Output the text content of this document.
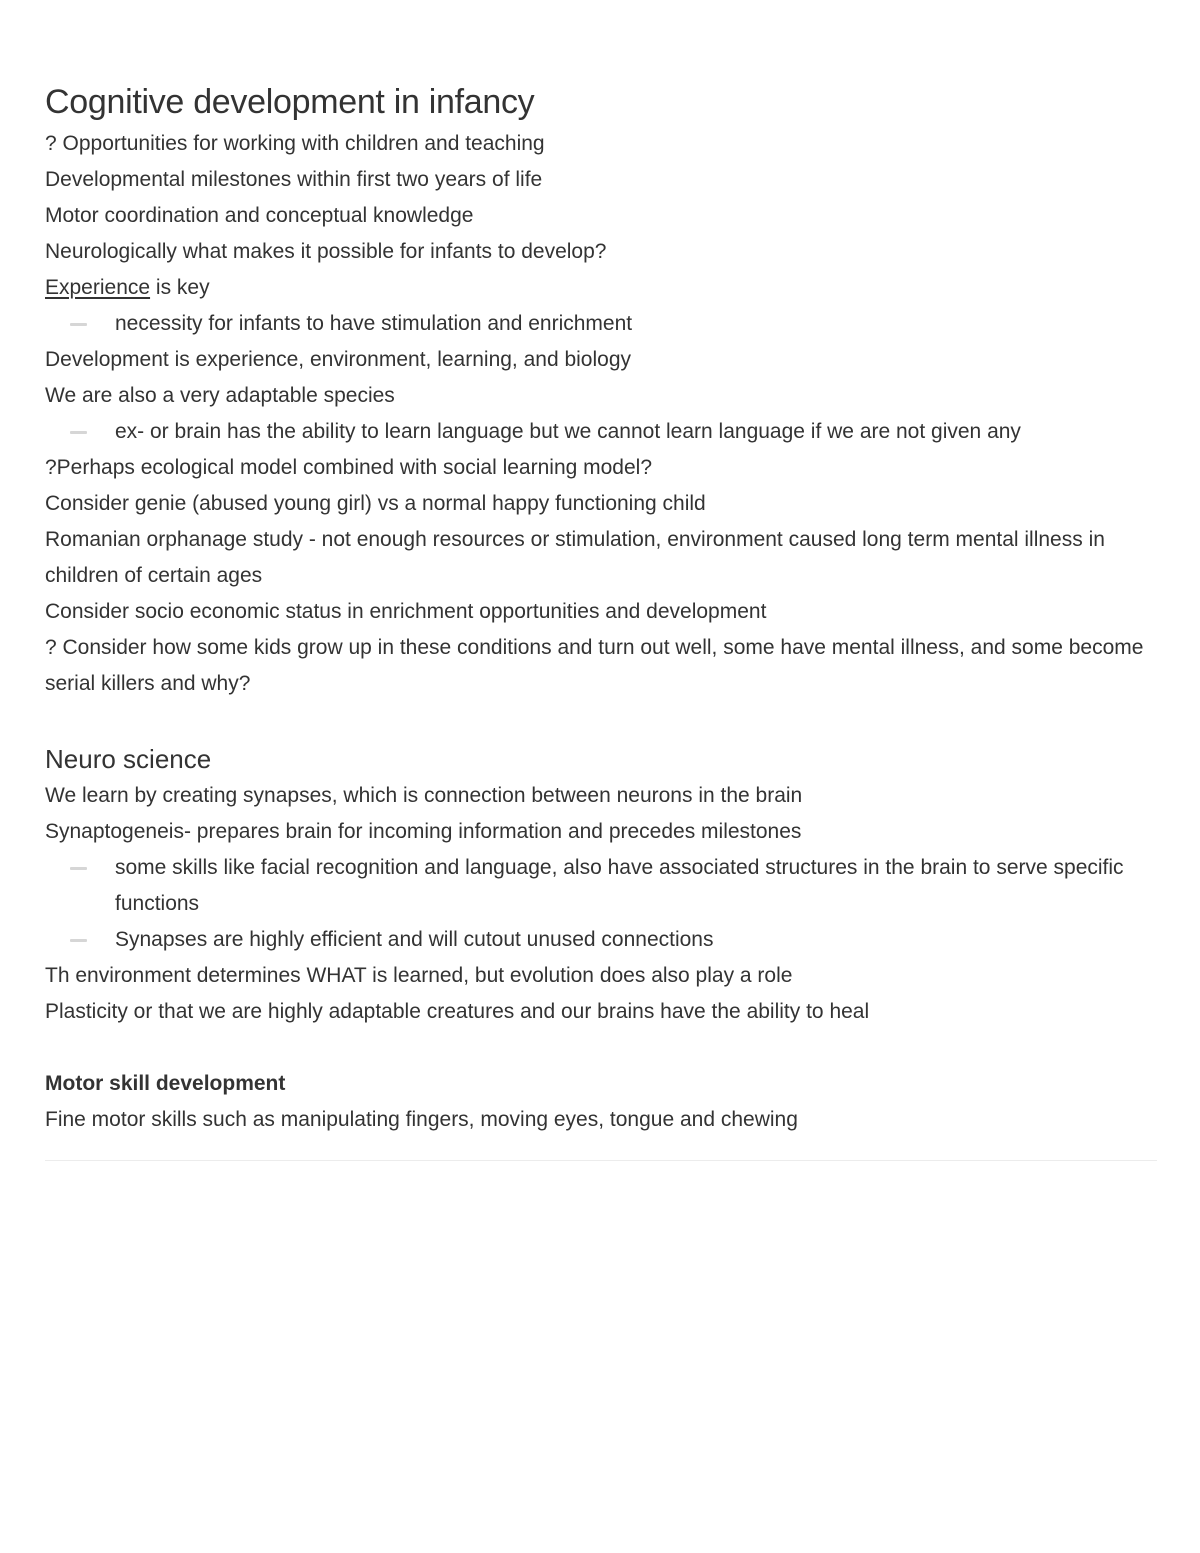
Cognitive development in infancy

? Opportunities for working with children and teaching

Developmental milestones within first two years of life

Motor coordination and conceptual knowledge

Neurologically what makes it possible for infants to develop?

Experience is key

necessity for infants to have stimulation and enrichment

Development is experience, environment, learning, and biology

We are also a very adaptable species

ex- or brain has the ability to learn language but we cannot learn language if we are not given any

?Perhaps ecological model combined with social learning model?

Consider genie (abused young girl) vs a normal happy functioning child

Romanian orphanage study - not enough resources or stimulation, environment caused long term mental illness in children of certain ages

Consider socio economic status in enrichment opportunities and development

? Consider how some kids grow up in these conditions and turn out well, some have mental illness, and some become serial killers and why?

Neuro science

We learn by creating synapses, which is connection between neurons in the brain

Synaptogeneis- prepares brain for incoming information and precedes milestones

some skills like facial recognition and language, also have associated structures in the brain to serve specific functions

Synapses are highly efficient and will cutout unused connections

Th environment determines WHAT is learned, but evolution does also play a role

Plasticity or that we are highly adaptable creatures and our brains have the ability to heal

Motor skill development

Fine motor skills such as manipulating fingers, moving eyes, tongue and chewing
